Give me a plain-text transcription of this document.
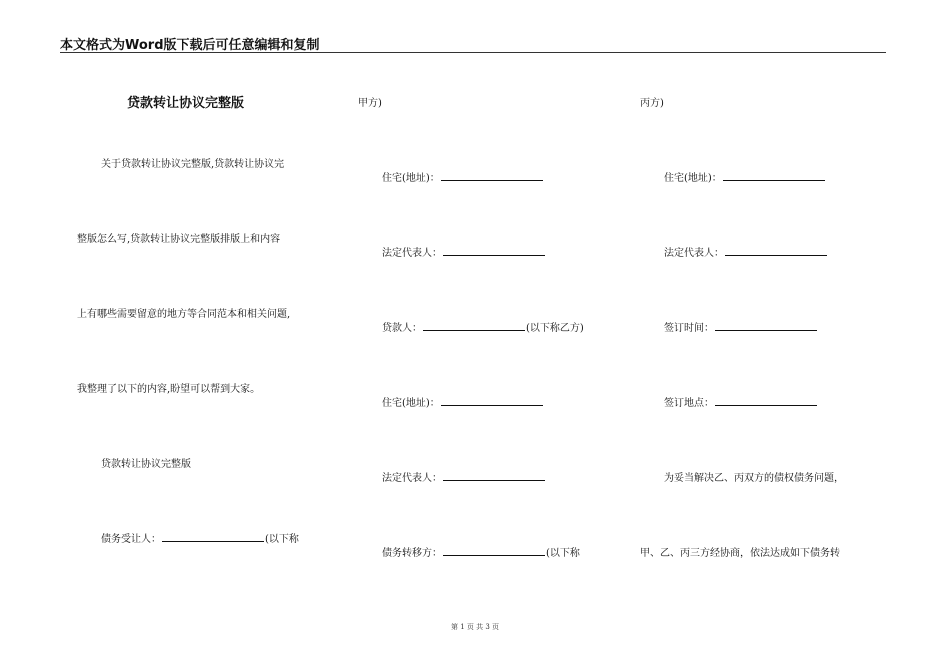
本文格式为Word版下载后可任意编辑和复制
贷款转让协议完整版
关于贷款转让协议完整版,贷款转让协议完
整版怎么写,贷款转让协议完整版排版上和内容
上有哪些需要留意的地方等合同范本和相关问题,
我整理了以下的内容,盼望可以帮到大家。
贷款转让协议完整版
债务受让人：	(以下称
甲方)
住宅(地址)：
法定代表人：
贷款人：	(以下称乙方)
住宅(地址)：
法定代表人：
债务转移方：	(以下称
丙方)
住宅(地址)：
法定代表人：
签订时间：
签订地点：
为妥当解决乙、丙双方的债权债务问题，
甲、乙、丙三方经协商，依法达成如下债务转
第 1 页 共 3 页
